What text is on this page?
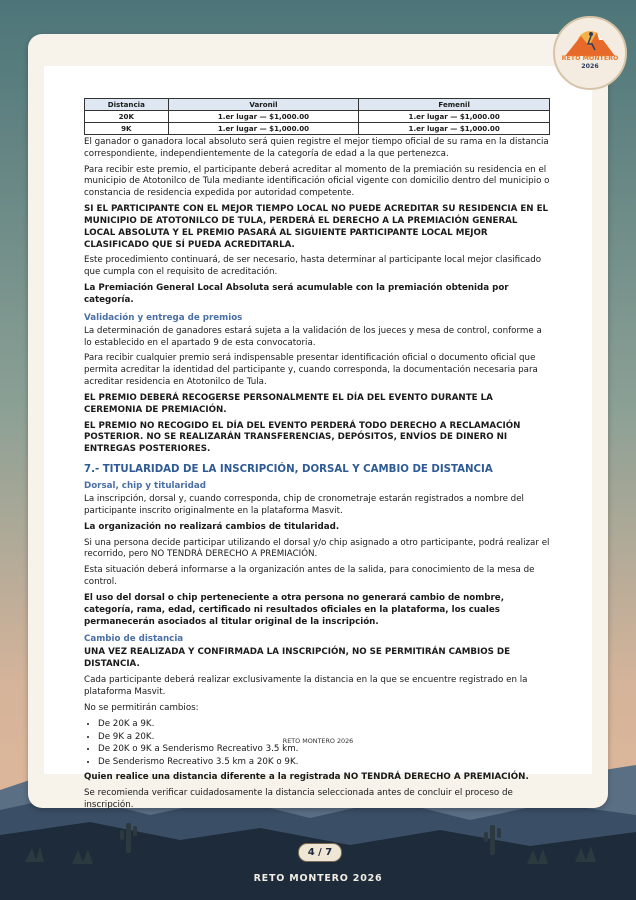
RETO MONTERO
2026
Distancia	Varonil	Femenil
20K	1.er lugar — $1,000.00	1.er lugar — $1,000.00
9K	1.er lugar — $1,000.00	1.er lugar — $1,000.00

El ganador o ganadora local absoluto será quien registre el mejor tiempo oficial de su rama en la distancia correspondiente, independientemente de la categoría de edad a la que pertenezca.

Para recibir este premio, el participante deberá acreditar al momento de la premiación su residencia en el municipio de Atotonilco de Tula mediante identificación oficial vigente con domicilio dentro del municipio o constancia de residencia expedida por autoridad competente.

SI EL PARTICIPANTE CON EL MEJOR TIEMPO LOCAL NO PUEDE ACREDITAR SU RESIDENCIA EN EL MUNICIPIO DE ATOTONILCO DE TULA, PERDERÁ EL DERECHO A LA PREMIACIÓN GENERAL LOCAL ABSOLUTA Y EL PREMIO PASARÁ AL SIGUIENTE PARTICIPANTE LOCAL MEJOR CLASIFICADO QUE SÍ PUEDA ACREDITARLA.

Este procedimiento continuará, de ser necesario, hasta determinar al participante local mejor clasificado que cumpla con el requisito de acreditación.

La Premiación General Local Absoluta será acumulable con la premiación obtenida por categoría.

Validación y entrega de premios

La determinación de ganadores estará sujeta a la validación de los jueces y mesa de control, conforme a lo establecido en el apartado 9 de esta convocatoria.

Para recibir cualquier premio será indispensable presentar identificación oficial o documento oficial que permita acreditar la identidad del participante y, cuando corresponda, la documentación necesaria para acreditar residencia en Atotonilco de Tula.

EL PREMIO DEBERÁ RECOGERSE PERSONALMENTE EL DÍA DEL EVENTO DURANTE LA CEREMONIA DE PREMIACIÓN.

EL PREMIO NO RECOGIDO EL DÍA DEL EVENTO PERDERÁ TODO DERECHO A RECLAMACIÓN POSTERIOR. NO SE REALIZARÁN TRANSFERENCIAS, DEPÓSITOS, ENVÍOS DE DINERO NI ENTREGAS POSTERIORES.

7.- TITULARIDAD DE LA INSCRIPCIÓN, DORSAL Y CAMBIO DE DISTANCIA
Dorsal, chip y titularidad

La inscripción, dorsal y, cuando corresponda, chip de cronometraje estarán registrados a nombre del participante inscrito originalmente en la plataforma Masvit.

La organización no realizará cambios de titularidad.

Si una persona decide participar utilizando el dorsal y/o chip asignado a otro participante, podrá realizar el recorrido, pero NO TENDRÁ DERECHO A PREMIACIÓN.

Esta situación deberá informarse a la organización antes de la salida, para conocimiento de la mesa de control.

El uso del dorsal o chip perteneciente a otra persona no generará cambio de nombre, categoría, rama, edad, certificado ni resultados oficiales en la plataforma, los cuales permanecerán asociados al titular original de la inscripción.

Cambio de distancia

UNA VEZ REALIZADA Y CONFIRMADA LA INSCRIPCIÓN, NO SE PERMITIRÁN CAMBIOS DE DISTANCIA.

Cada participante deberá realizar exclusivamente la distancia en la que se encuentre registrado en la plataforma Masvit.

No se permitirán cambios:

• De 20K a 9K.
• De 9K a 20K.
• De 20K o 9K a Senderismo Recreativo 3.5 km.
• De Senderismo Recreativo 3.5 km a 20K o 9K.

Quien realice una distancia diferente a la registrada NO TENDRÁ DERECHO A PREMIACIÓN.

Se recomienda verificar cuidadosamente la distancia seleccionada antes de concluir el proceso de inscripción.

RETO MONTERO 2026
4 / 7
RETO MONTERO 2026
